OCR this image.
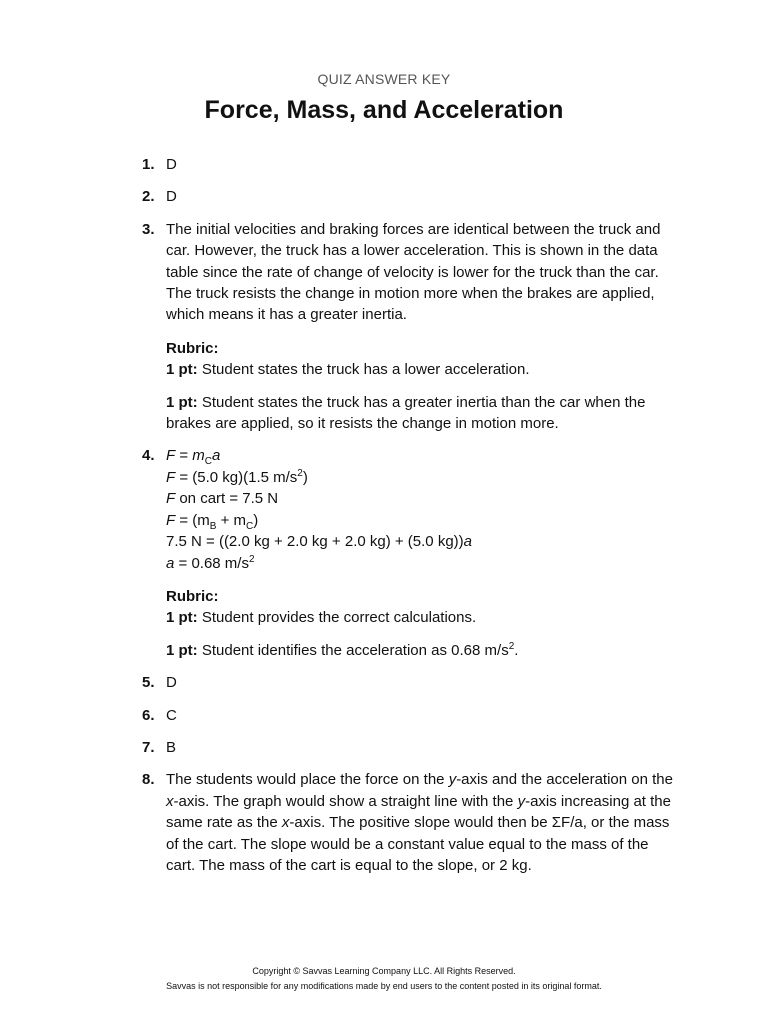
QUIZ ANSWER KEY
Force, Mass, and Acceleration
1. D
2. D
3. The initial velocities and braking forces are identical between the truck and car. However, the truck has a lower acceleration. This is shown in the data table since the rate of change of velocity is lower for the truck than the car. The truck resists the change in motion more when the brakes are applied, which means it has a greater inertia.

Rubric:

1 pt: Student states the truck has a lower acceleration.

1 pt: Student states the truck has a greater inertia than the car when the brakes are applied, so it resists the change in motion more.

4. $F = m_Ca$
F = (5.0 kg)(1.5 $m/s^2$)
F on cart = 7.5 N
$F = (m_B + m_C)$
7.5 N = ((2.0 kg + 2.0 kg + 2.0 kg) + (5.0 kg))a
a = 0.68 $m/s^2$
Rubric:

1 pt: Student provides the correct calculations.

1 pt: Student identifies the acceleration as 0.68 $m/s^2$.

5. D
6. C
7. B
8. The students would place the force on the y-axis and the acceleration on the x-axis. The graph would show a straight line with the y-axis increasing at the same rate as the x-axis. The positive slope would then be ΣF/a, or the mass of the cart. The slope would be a constant value equal to the mass of the cart. The mass of the cart is equal to the slope, or 2 kg.

Copyright © Savvas Learning Company LLC. All Rights Reserved.
Savvas is not responsible for any modifications made by end users to the content posted in its original format.
